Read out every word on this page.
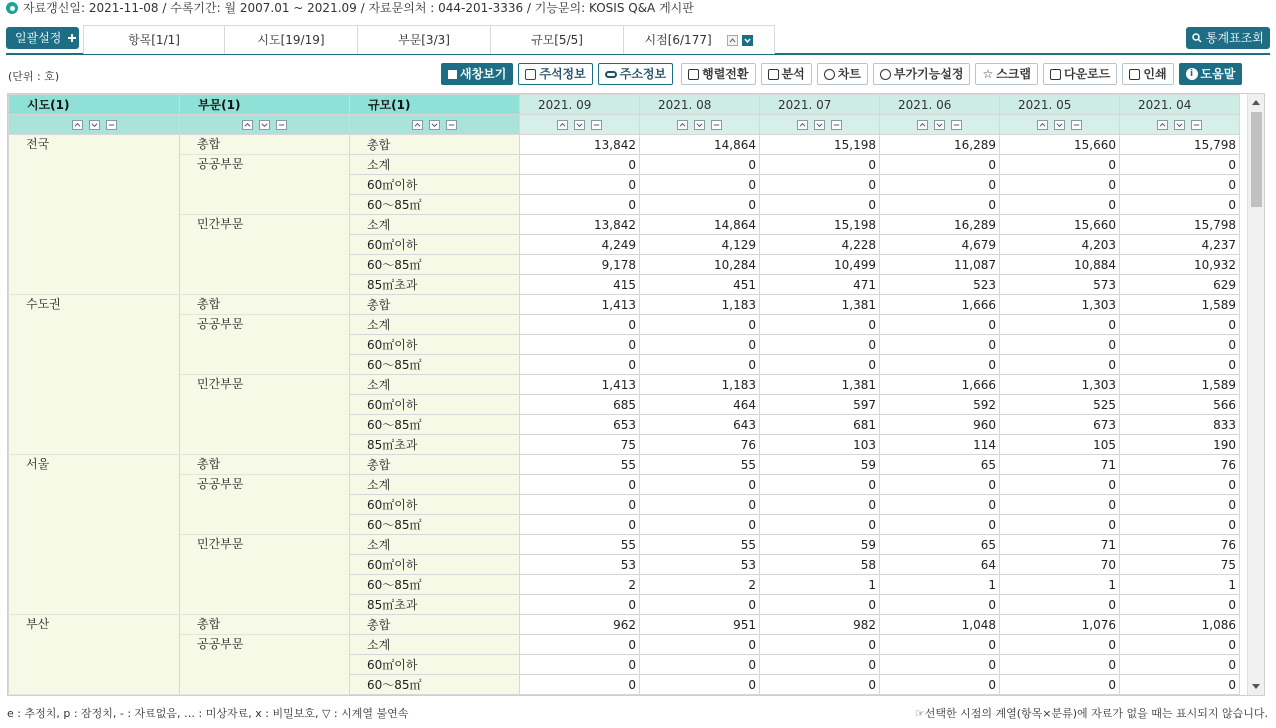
자료갱신일: 2021-11-08 / 수록기간: 월 2007.01 ~ 2021.09 / 자료문의처 : 044-201-3336 / 기능문의: KOSIS Q&A 게시판
일괄설정	항목[1/1]	시도[19/19]	부문[3/3]	규모[5/5]	시점[6/177]	통계표조회
(단위 : 호)	새창보기	주석정보	주소정보	행렬전환	분석	차트	부가기능설정 ☆ 스크랩	다운로드	인쇄	i 도움말
시도(1)	부문(1)	규모(1)	2021. 09	2021. 08	2021. 07	2021. 06	2021. 05	2021. 04

전국	총합	총합	13,842	14,864	15,198	16,289	15,660	15,798
	공공부문	소계	0	0	0	0	0	0
		60㎡이하	0	0	0	0	0	0
		60～85㎡	0	0	0	0	0	0
	민간부문	소계	13,842	14,864	15,198	16,289	15,660	15,798
		60㎡이하	4,249	4,129	4,228	4,679	4,203	4,237
		60～85㎡	9,178	10,284	10,499	11,087	10,884	10,932
		85㎡초과	415	451	471	523	573	629
수도권	총합	총합	1,413	1,183	1,381	1,666	1,303	1,589
	공공부문	소계	0	0	0	0	0	0
		60㎡이하	0	0	0	0	0	0
		60～85㎡	0	0	0	0	0	0
	민간부문	소계	1,413	1,183	1,381	1,666	1,303	1,589
		60㎡이하	685	464	597	592	525	566
		60～85㎡	653	643	681	960	673	833
		85㎡초과	75	76	103	114	105	190
서울	총합	총합	55	55	59	65	71	76
	공공부문	소계	0	0	0	0	0	0
		60㎡이하	0	0	0	0	0	0
		60～85㎡	0	0	0	0	0	0
	민간부문	소계	55	55	59	65	71	76
		60㎡이하	53	53	58	64	70	75
		60～85㎡	2	2	1	1	1	1
		85㎡초과	0	0	0	0	0	0
부산	총합	총합	962	951	982	1,048	1,076	1,086
	공공부문	소계	0	0	0	0	0	0
		60㎡이하	0	0	0	0	0	0
		60～85㎡	0	0	0	0	0	0
e : 추정치, p : 잠정치, - : 자료없음, … : 미상자료, x : 비밀보호, ▽ : 시계열 불연속	☞선택한 시점의 계열(항목×분류)에 자료가 없을 때는 표시되지 않습니다.
